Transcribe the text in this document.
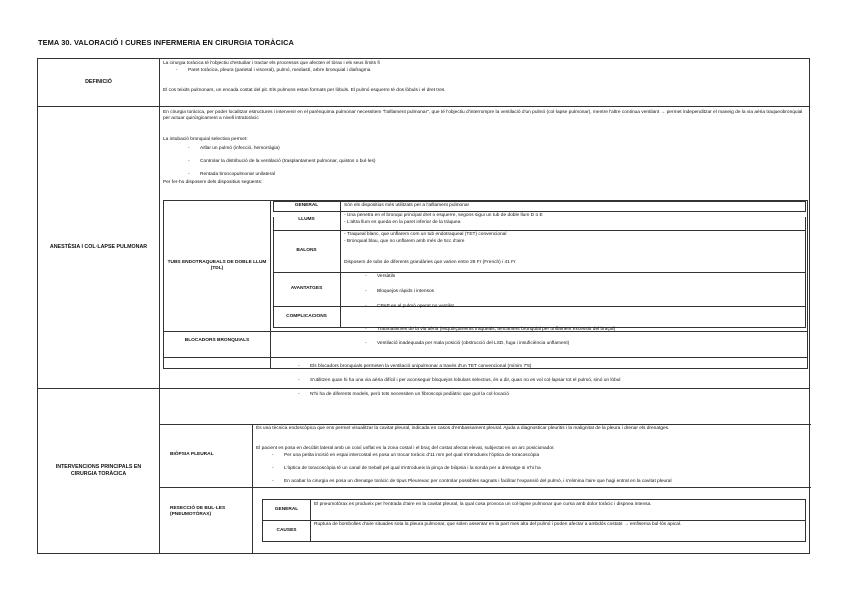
TEMA 30. VALORACIÓ I CURES INFERMERIA EN CIRURGIA TORÀCICA
DEFINICIÓ
La cirurgia toràcica té l'objectiu d'estudiar i tractar els processos que afecten el tòrax i els seus límits fi
- Paret toràcica, pleura (parietal i visceral), pulmó, mediastí, arbre bronquial i diafragma
El cos teixits pulmonars, un encada costat del pit. Els pulmons estan formats per lòbuls. El pulmó esquerre té dos lòbuls i el dret tres.
ANESTÈSIA I COL·LAPSE PULMONAR
En cirurgia toràcica, per poder localitzar estructures i intervenir en el parènquima pulmonar necessitem "l'aïllament pulmonar", que té l'objectiu d'interrompre la ventilació d'un pulmó (col·lapse pulmonar), mentre l'altre continua ventilant → permet independitzar el maneig de la via aèria traqueobronquial per actuar quirúrgicament a nivell intratoràcic
La intubació bronquial selectiva permet:
- Aïllar un pulmó (infecció, hemorràgia)
- Controlar la distribució de la ventilació (trasplantament pulmonar, quistos o bul·les)
- Rentada broncopulmonar unilateral
Per fer-ho disposem dels dispositius següents:
TUBS ENDOTRAQUEALS DE DOBLE LLUM (TDL)
GENERAL	Són els dispositius més utilitzats per a l'aïllament pulmonar
LLUMS
- Una penetra en el bronqui principal dret o esquerre, segons sigui un tub de doble llum D o E
- L'altra llum es queda en la paret inferior de la tràquea
BALONS
- Traqueal blanc, que unflarem com un tub endotraqueal (TET) convencional
- Bronquial blau, que no unflarem amb més de 5cc d'aire
Disposem de tubs de diferents grandàries que varien entre 28 Fr (French) i 41 Fr
AVANTATGES
- Versàtils
- Bloquejos ràpids i intensos
- CPAP en el pulmó operat no ventilat
COMPLICACIONS
- Traumatismes de la via aèria (esquinçaments traqueals, tencament bronquial per unflament excessiu del braçal)
- Ventilació inadequada per mala posició (obstrucció del LSD, fuga i insuficiència unflament)
BLOCADORS BRONQUIALS
- Els blocadors bronquials permeten la ventilació unipulmonar a través d'un TET convencional (mínim 7'5)
- S'utilitzen quan hi ha una via aèria difícil i per aconseguir bloquejos lobulars selectius, és a dir, quan no es vol col·lapsar tot el pulmó, sinó un lòbul
- N'hi ha de diferents models, però tots necessiten un fibroscopi pediàtric que guiï la col·locació
INTERVENCIONS PRINCIPALS EN CIRURGIA TORÀCICA
BIÒPSIA PLEURAL
És una tècnica endoscòpica que ens permet visualitzar la cavitat pleural, indicada en casos d'embassament pleural. Ajuda a diagnosticar pleuritis i la malignitat de la pleura i drenar els drenatges.
El pacient es posa en decúbit lateral amb un coixí unflat en la zona costal i el braç del costat afectat elevat, subjectat en un arc posicionador.
- Per una petita incisió en espai intercostal es posa un trocar toràcic d'11 mm pel qual s'introdueix l'òptica de toracoscòpia
- L'òptica de toracoscòpia té un canal de treball pel qual s'introdueix la pinça de biòpsia i la sonda per a drenatge si n'hi ha
- En acabar la cirurgia es posa un drenatge toràcic de tipus Pleurevac per controlar possibles sagnats i facilitar l'expansió del pulmó, i s'elimina l'aire que hagi entrat en la cavitat pleural
RESECCIÓ DE BUL·LES (PNEUMOTÒRAX)
GENERAL
El pneumotòrax es produeix per l'entrada d'aire en la cavitat pleural, la qual cosa provoca un col·lapse pulmonar que cursa amb dolor toràcic i dispnea intensa.
CAUSES
Ruptura de bombolles d'aire situades sota la pleura pulmonar, que solen assentar en la part mes alta del pulmó i poden afectar a ambdós costats → emfisema bul·lós apical.
